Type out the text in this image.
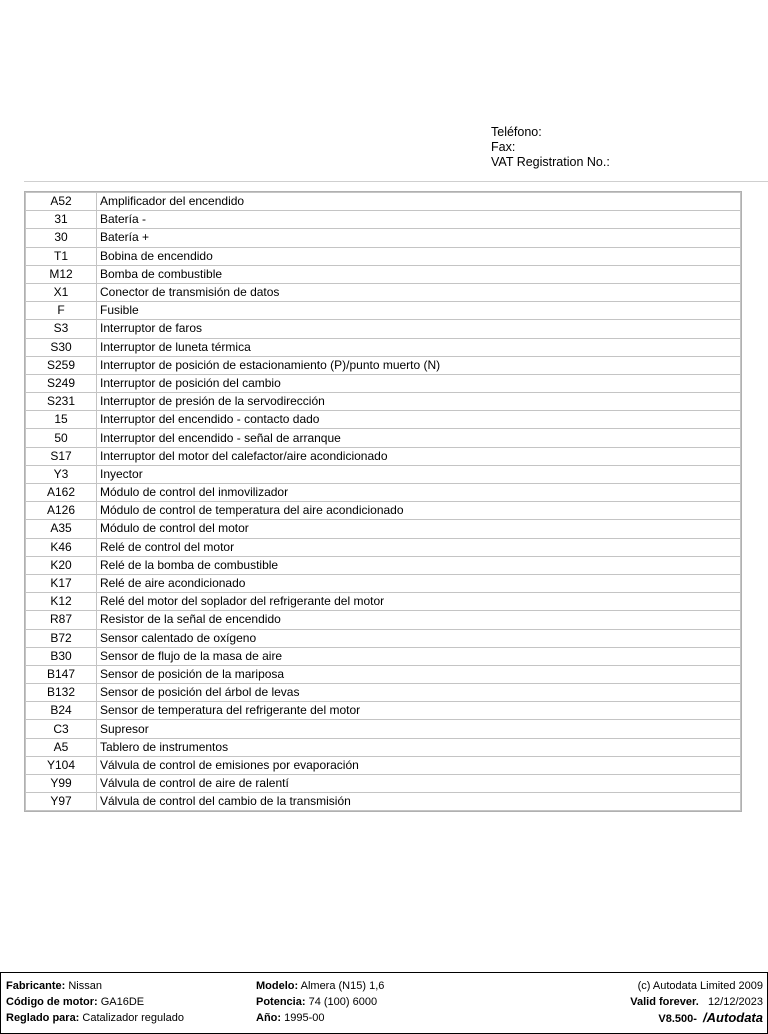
Teléfono:
Fax:
VAT Registration No.:
A52	Amplificador del encendido
31	Batería -
30	Batería +
T1	Bobina de encendido
M12	Bomba de combustible
X1	Conector de transmisión de datos
F	Fusible
S3	Interruptor de faros
S30	Interruptor de luneta térmica
S259	Interruptor de posición de estacionamiento (P)/punto muerto (N)
S249	Interruptor de posición del cambio
S231	Interruptor de presión de la servodirección
15	Interruptor del encendido - contacto dado
50	Interruptor del encendido - señal de arranque
S17	Interruptor del motor del calefactor/aire acondicionado
Y3	Inyector
A162	Módulo de control del inmovilizador
A126	Módulo de control de temperatura del aire acondicionado
A35	Módulo de control del motor
K46	Relé de control del motor
K20	Relé de la bomba de combustible
K17	Relé de aire acondicionado
K12	Relé del motor del soplador del refrigerante del motor
R87	Resistor de la señal de encendido
B72	Sensor calentado de oxígeno
B30	Sensor de flujo de la masa de aire
B147	Sensor de posición de la mariposa
B132	Sensor de posición del árbol de levas
B24	Sensor de temperatura del refrigerante del motor
C3	Supresor
A5	Tablero de instrumentos
Y104	Válvula de control de emisiones por evaporación
Y99	Válvula de control de aire de ralentí
Y97	Válvula de control del cambio de la transmisión
Fabricante: Nissan
Código de motor: GA16DE
Reglado para: Catalizador regulado
Modelo: Almera (N15) 1,6
Potencia: 74 (100) 6000
Año: 1995-00
(c) Autodata Limited 2009
Valid forever. 12/12/2023
V8.500- /Autodata
